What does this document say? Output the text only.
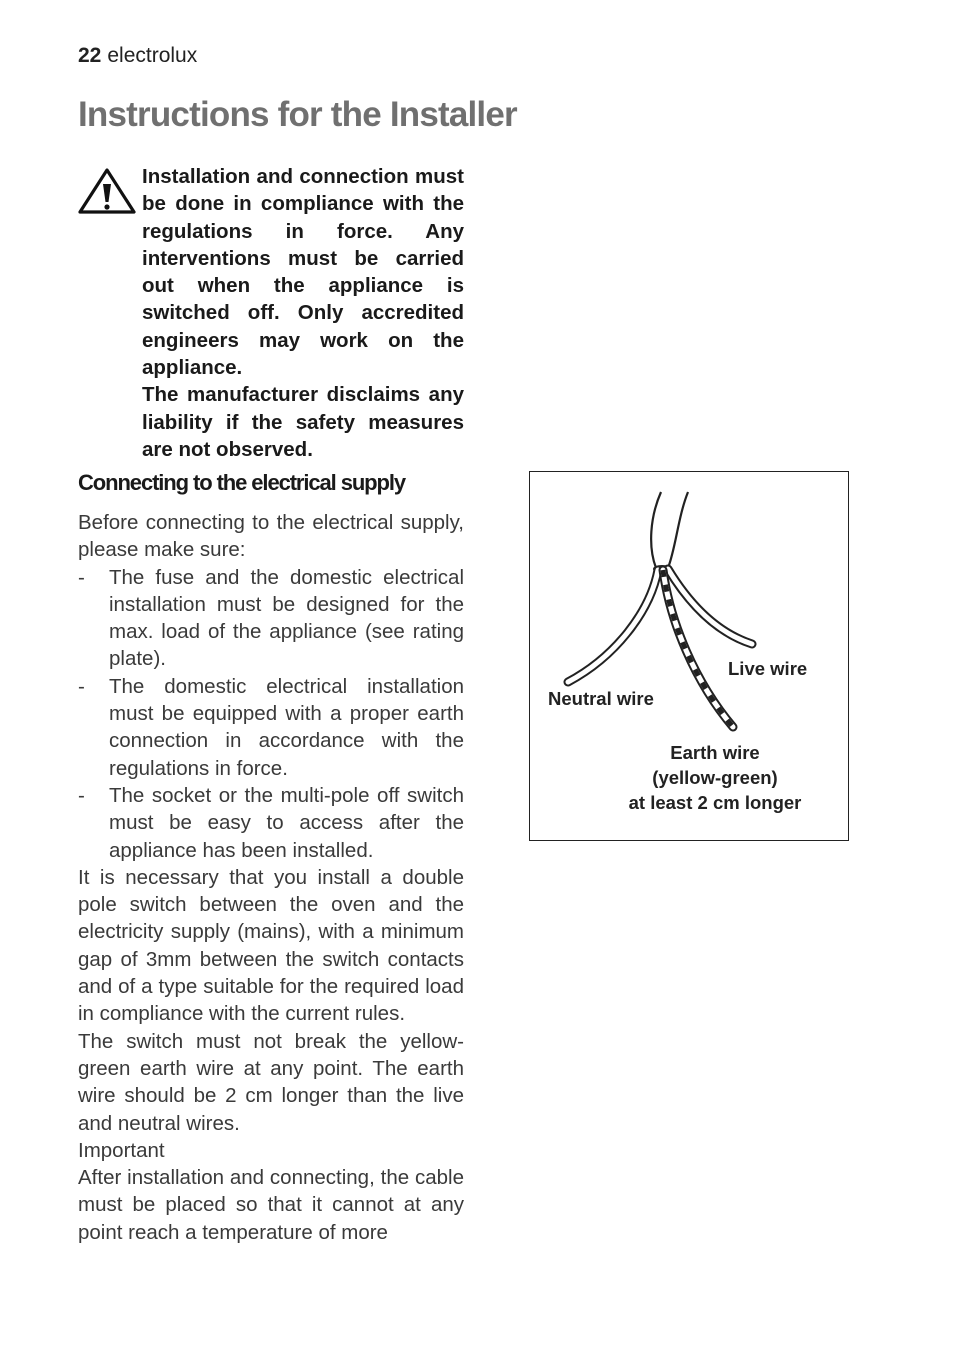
22 electrolux
Instructions for the Installer

Installation and connection must be done in compliance with the regulations in force. Any interventions must be carried out when the appliance is switched off. Only accredited engineers may work on the appliance.

The manufacturer disclaims any liability if the safety measures are not observed.

Connecting to the electrical supply

Before connecting to the electrical supply, please make sure:

- The fuse and the domestic electrical installation must be designed for the max. load of the appliance (see rating plate).
- The domestic electrical installation must be equipped with a proper earth connection in accordance with the regulations in force.
- The socket or the multi-pole off switch must be easy to access after the appliance has been installed.

It is necessary that you install a double pole switch between the oven and the electricity supply (mains), with a minimum gap of 3mm between the switch contacts and of a type suitable for the required load in compliance with the current rules.

The switch must not break the yellow-green earth wire at any point. The earth wire should be 2 cm longer than the live and neutral wires.

Important

After installation and connecting, the cable must be placed so that it cannot at any point reach a temperature of more

Live wire
Neutral wire
Earth wire
(yellow-green)
at least 2 cm longer
